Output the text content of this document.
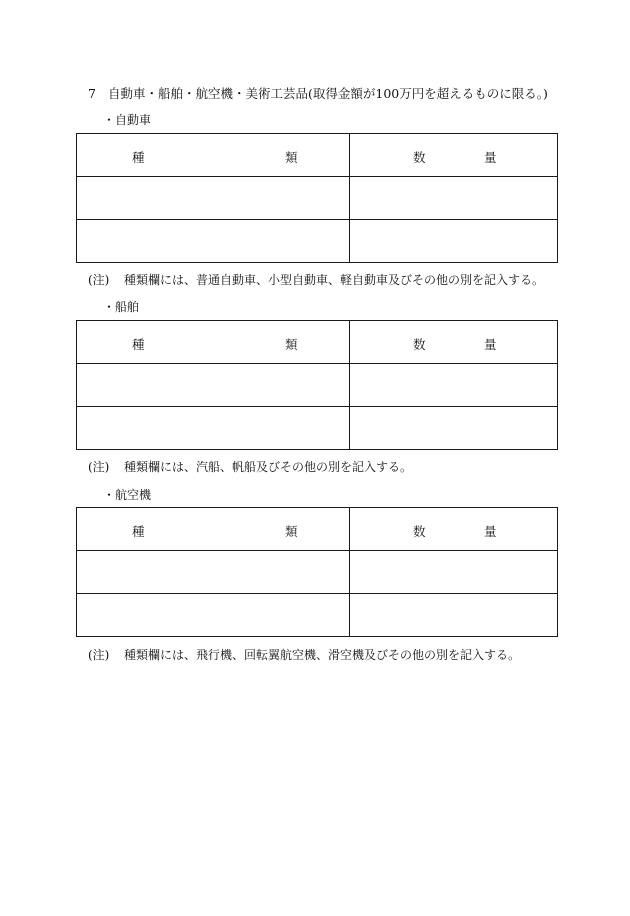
7 自動車・船舶・航空機・美術工芸品(取得金額が100万円を超えるものに限る。)
・自動車
種 類	数 量

(注) 種類欄には、普通自動車、小型自動車、軽自動車及びその他の別を記入する。
・船舶
種 類	数 量

(注) 種類欄には、汽船、帆船及びその他の別を記入する。
・航空機
種 類	数 量

(注) 種類欄には、飛行機、回転翼航空機、滑空機及びその他の別を記入する。
